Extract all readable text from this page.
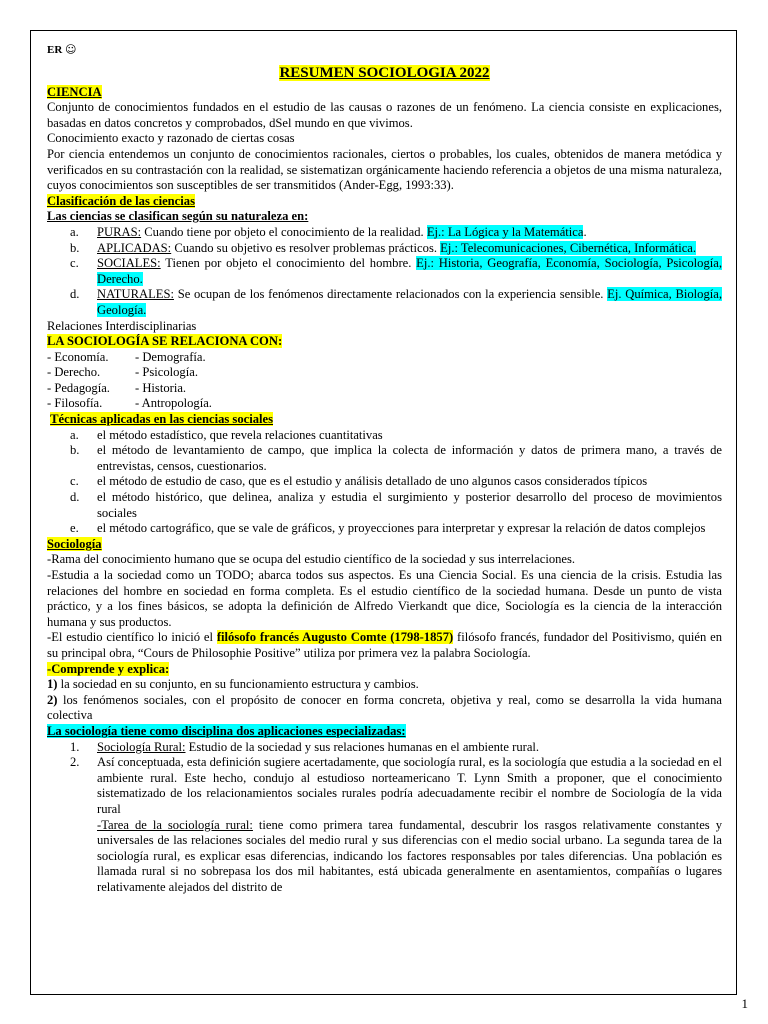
ER ☺
RESUMEN SOCIOLOGIA 2022
CIENCIA

Conjunto de conocimientos fundados en el estudio de las causas o razones de un fenómeno. La ciencia consiste en explicaciones, basadas en datos concretos y comprobados, dSel mundo en que vivimos.

Conocimiento exacto y razonado de ciertas cosas

Por ciencia entendemos un conjunto de conocimientos racionales, ciertos o probables, los cuales, obtenidos de manera metódica y verificados en su contrastación con la realidad, se sistematizan orgánicamente haciendo referencia a objetos de una misma naturaleza, cuyos conocimientos son susceptibles de ser transmitidos (Ander-Egg, 1993:33).

Clasificación de las ciencias
Las ciencias se clasifican según su naturaleza en:
a. PURAS: Cuando tiene por objeto el conocimiento de la realidad. Ej.: La Lógica y la Matemática.
b. APLICADAS: Cuando su objetivo es resolver problemas prácticos. Ej.: Telecomunicaciones, Cibernética, Informática.
c. SOCIALES: Tienen por objeto el conocimiento del hombre. Ej.: Historia, Geografía, Economía, Sociología, Psicología, Derecho.
d. NATURALES: Se ocupan de los fenómenos directamente relacionados con la experiencia sensible. Ej. Química, Biología, Geología.
Relaciones Interdisciplinarias
LA SOCIOLOGÍA SE RELACIONA CON:
- Economía.	- Demografía.
- Derecho.	- Psicología.
- Pedagogía.	- Historia.
- Filosofía.	- Antropología.
Técnicas aplicadas en las ciencias sociales
a. el método estadístico, que revela relaciones cuantitativas
b. el método de levantamiento de campo, que implica la colecta de información y datos de primera mano, a través de entrevistas, censos, cuestionarios.
c. el método de estudio de caso, que es el estudio y análisis detallado de uno algunos casos considerados típicos
d. el método histórico, que delinea, analiza y estudia el surgimiento y posterior desarrollo del proceso de movimientos sociales
e. el método cartográfico, que se vale de gráficos, y proyecciones para interpretar y expresar la relación de datos complejos
Sociología

-Rama del conocimiento humano que se ocupa del estudio científico de la sociedad y sus interrelaciones.

-Estudia a la sociedad como un TODO; abarca todos sus aspectos. Es una Ciencia Social. Es una ciencia de la crisis. Estudia las relaciones del hombre en sociedad en forma completa. Es el estudio científico de la sociedad humana. Desde un punto de vista práctico, y a los fines básicos, se adopta la definición de Alfredo Vierkandt que dice, Sociología es la ciencia de la interacción humana y sus productos.

-El estudio científico lo inició el filósofo francés Augusto Comte (1798-1857) filósofo francés, fundador del Positivismo, quién en su principal obra, “Cours de Philosophie Positive” utiliza por primera vez la palabra Sociología.

-Comprende y explica:

1) la sociedad en su conjunto, en su funcionamiento estructura y cambios.

2) los fenómenos sociales, con el propósito de conocer en forma concreta, objetiva y real, como se desarrolla la vida humana colectiva

La sociología tiene como disciplina dos aplicaciones especializadas:
1. Sociología Rural: Estudio de la sociedad y sus relaciones humanas en el ambiente rural.
2. Así conceptuada, esta definición sugiere acertadamente, que sociología rural, es la sociología que estudia a la sociedad en el ambiente rural. Este hecho, condujo al estudioso norteamericano T. Lynn Smith a proponer, que el conocimiento sistematizado de los relacionamientos sociales rurales podría adecuadamente recibir el nombre de Sociología de la vida rural
-Tarea de la sociología rural: tiene como primera tarea fundamental, descubrir los rasgos relativamente constantes y universales de las relaciones sociales del medio rural y sus diferencias con el medio social urbano. La segunda tarea de la sociología rural, es explicar esas diferencias, indicando los factores responsables por tales diferencias. Una población es llamada rural si no sobrepasa los dos mil habitantes, está ubicada generalmente en asentamientos, compañías o lugares relativamente alejados del distrito de
1
